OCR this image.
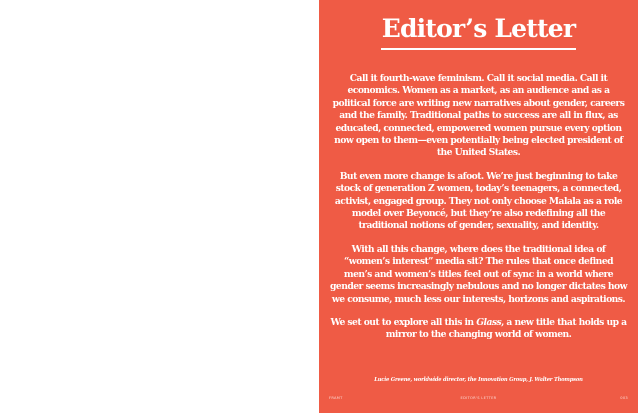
Editor’s Letter

Call it fourth-wave feminism. Call it social media. Call it economics. Women as a market, as an audience and as a political force are writing new narratives about gender, careers and the family. Traditional paths to success are all in flux, as educated, connected, empowered women pursue every option now open to them—even potentially being elected president of the United States.

But even more change is afoot. We’re just beginning to take stock of generation Z women, today’s teenagers, a connected, activist, engaged group. They not only choose Malala as a role model over Beyoncé, but they’re also redefining all the traditional notions of gender, sexuality, and identity.

With all this change, where does the traditional idea of “women’s interest” media sit? The rules that once defined men’s and women’s titles feel out of sync in a world where gender seems increasingly nebulous and no longer dictates how we consume, much less our interests, horizons and aspirations.

We set out to explore all this in Glass, a new title that holds up a mirror to the changing world of women.

Lucie Greene, worldwide director, the Innovation Group, J. Walter Thompson
FRAMT	EDITOR'S LETTER	003
